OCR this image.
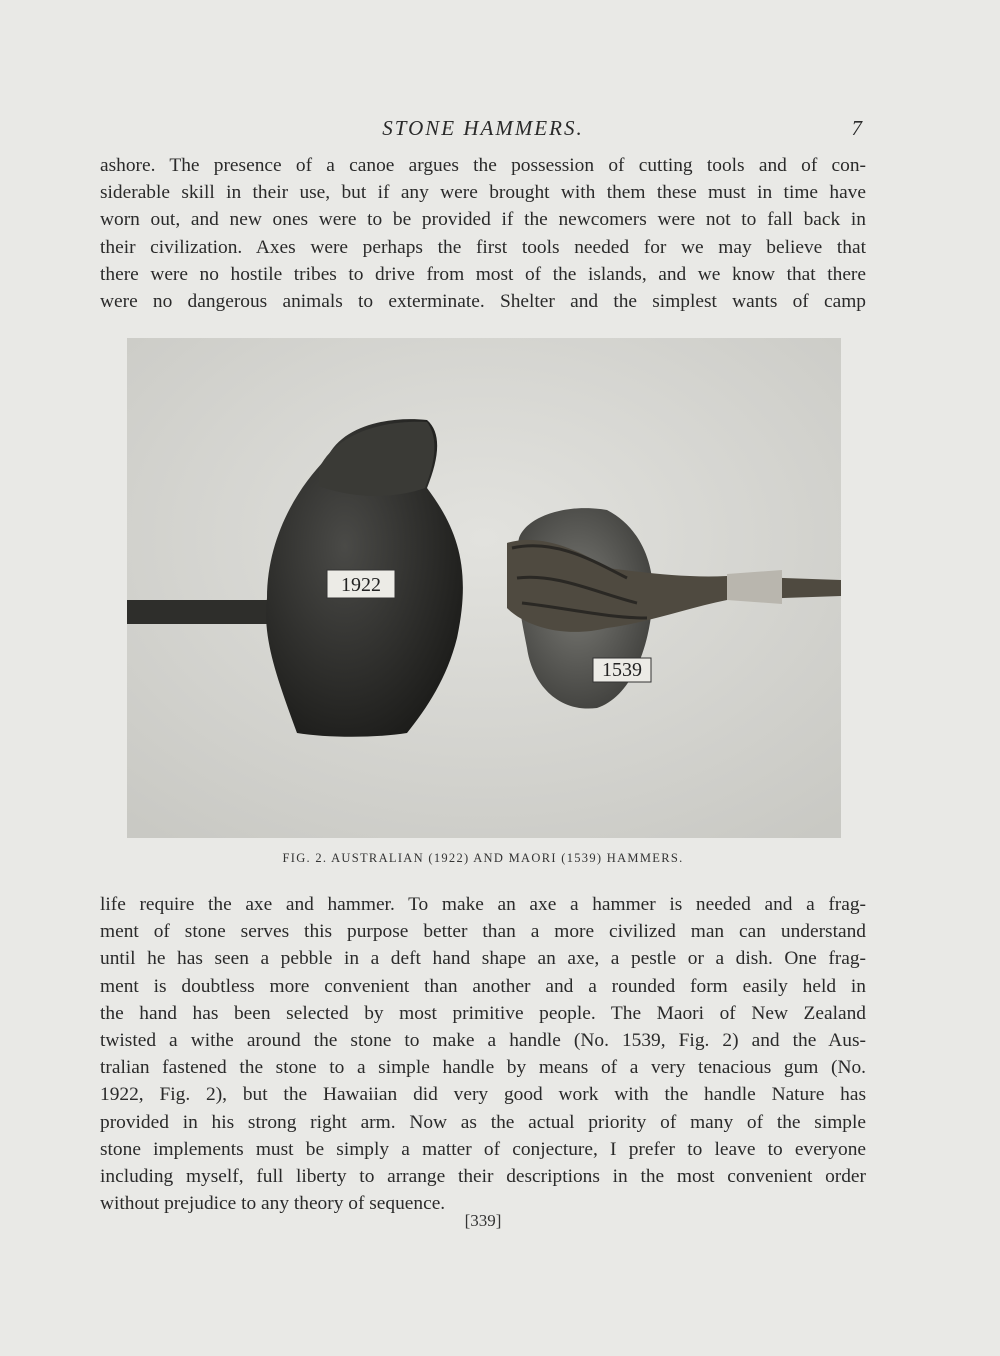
STONE HAMMERS.	7

ashore. The presence of a canoe argues the possession of cutting tools and of con-
siderable skill in their use, but if any were brought with them these must in time have
worn out, and new ones were to be provided if the newcomers were not to fall back in
their civilization. Axes were perhaps the first tools needed for we may believe that
there were no hostile tribes to drive from most of the islands, and we know that there
were no dangerous animals to exterminate. Shelter and the simplest wants of camp

1922
1539
FIG. 2. AUSTRALIAN (1922) AND MAORI (1539) HAMMERS.

life require the axe and hammer. To make an axe a hammer is needed and a frag-
ment of stone serves this purpose better than a more civilized man can understand
until he has seen a pebble in a deft hand shape an axe, a pestle or a dish. One frag-
ment is doubtless more convenient than another and a rounded form easily held in
the hand has been selected by most primitive people. The Maori of New Zealand
twisted a withe around the stone to make a handle (No. 1539, Fig. 2) and the Aus-
tralian fastened the stone to a simple handle by means of a very tenacious gum (No.
1922, Fig. 2), but the Hawaiian did very good work with the handle Nature has
provided in his strong right arm. Now as the actual priority of many of the simple
stone implements must be simply a matter of conjecture, I prefer to leave to everyone
including myself, full liberty to arrange their descriptions in the most convenient order
without prejudice to any theory of sequence.

[339]
